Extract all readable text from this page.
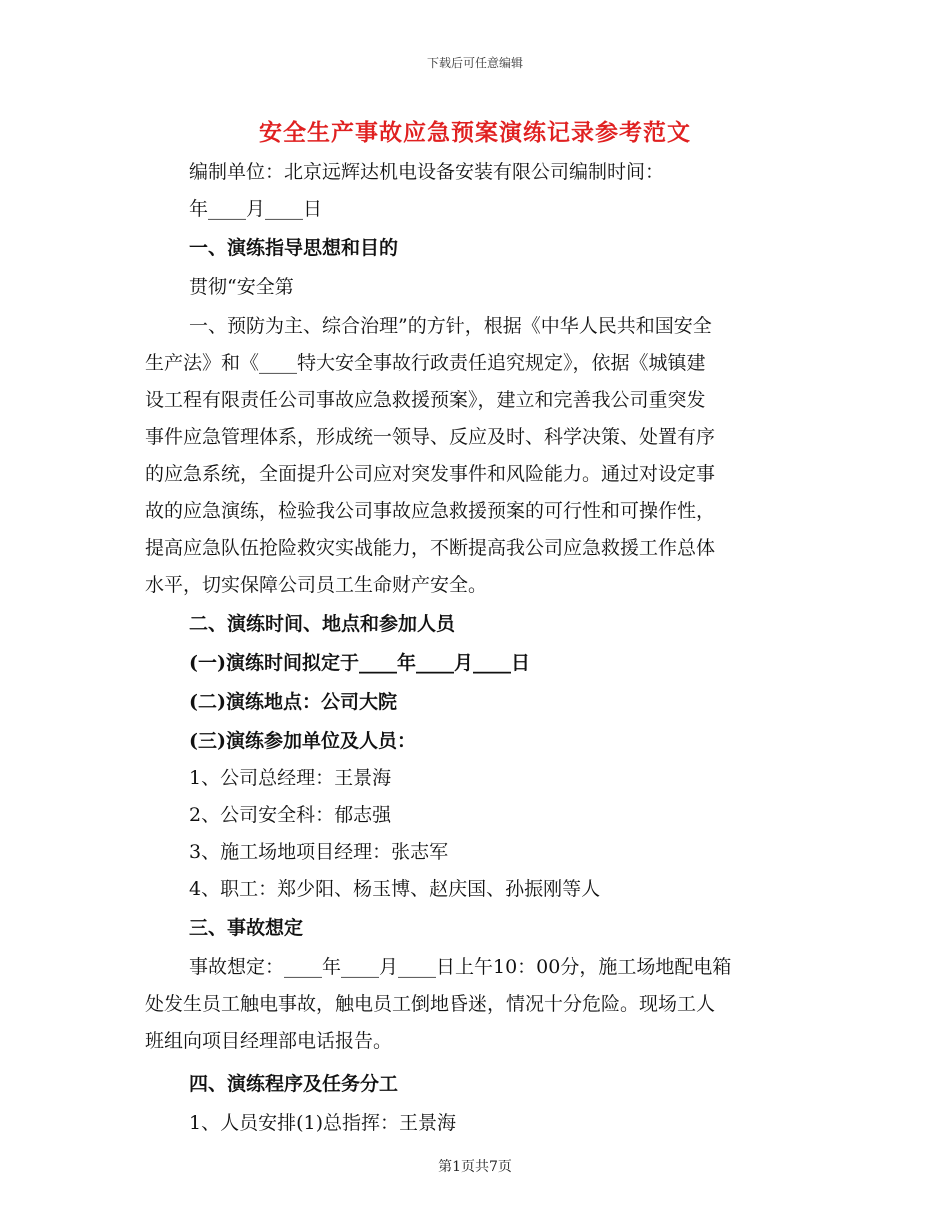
下载后可任意编辑
安全生产事故应急预案演练记录参考范文
编制单位：北京远辉达机电设备安装有限公司编制时间：
年____月____日
一、演练指导思想和目的
贯彻“安全第
一、预防为主、综合治理”的方针，根据《中华人民共和国安全
生产法》和《____特大安全事故行政责任追究规定》，依据《城镇建
设工程有限责任公司事故应急救援预案》，建立和完善我公司重突发
事件应急管理体系，形成统一领导、反应及时、科学决策、处置有序
的应急系统，全面提升公司应对突发事件和风险能力。通过对设定事
故的应急演练，检验我公司事故应急救援预案的可行性和可操作性，
提高应急队伍抢险救灾实战能力，不断提高我公司应急救援工作总体
水平，切实保障公司员工生命财产安全。
二、演练时间、地点和参加人员
(一)演练时间拟定于____年____月____日
(二)演练地点：公司大院
(三)演练参加单位及人员：
1、公司总经理：王景海
2、公司安全科：郁志强
3、施工场地项目经理：张志军
4、职工：郑少阳、杨玉博、赵庆国、孙振刚等人
三、事故想定
事故想定：____年____月____日上午10：00分，施工场地配电箱
处发生员工触电事故，触电员工倒地昏迷，情况十分危险。现场工人
班组向项目经理部电话报告。
四、演练程序及任务分工
1、人员安排(1)总指挥：王景海
第1页共7页
